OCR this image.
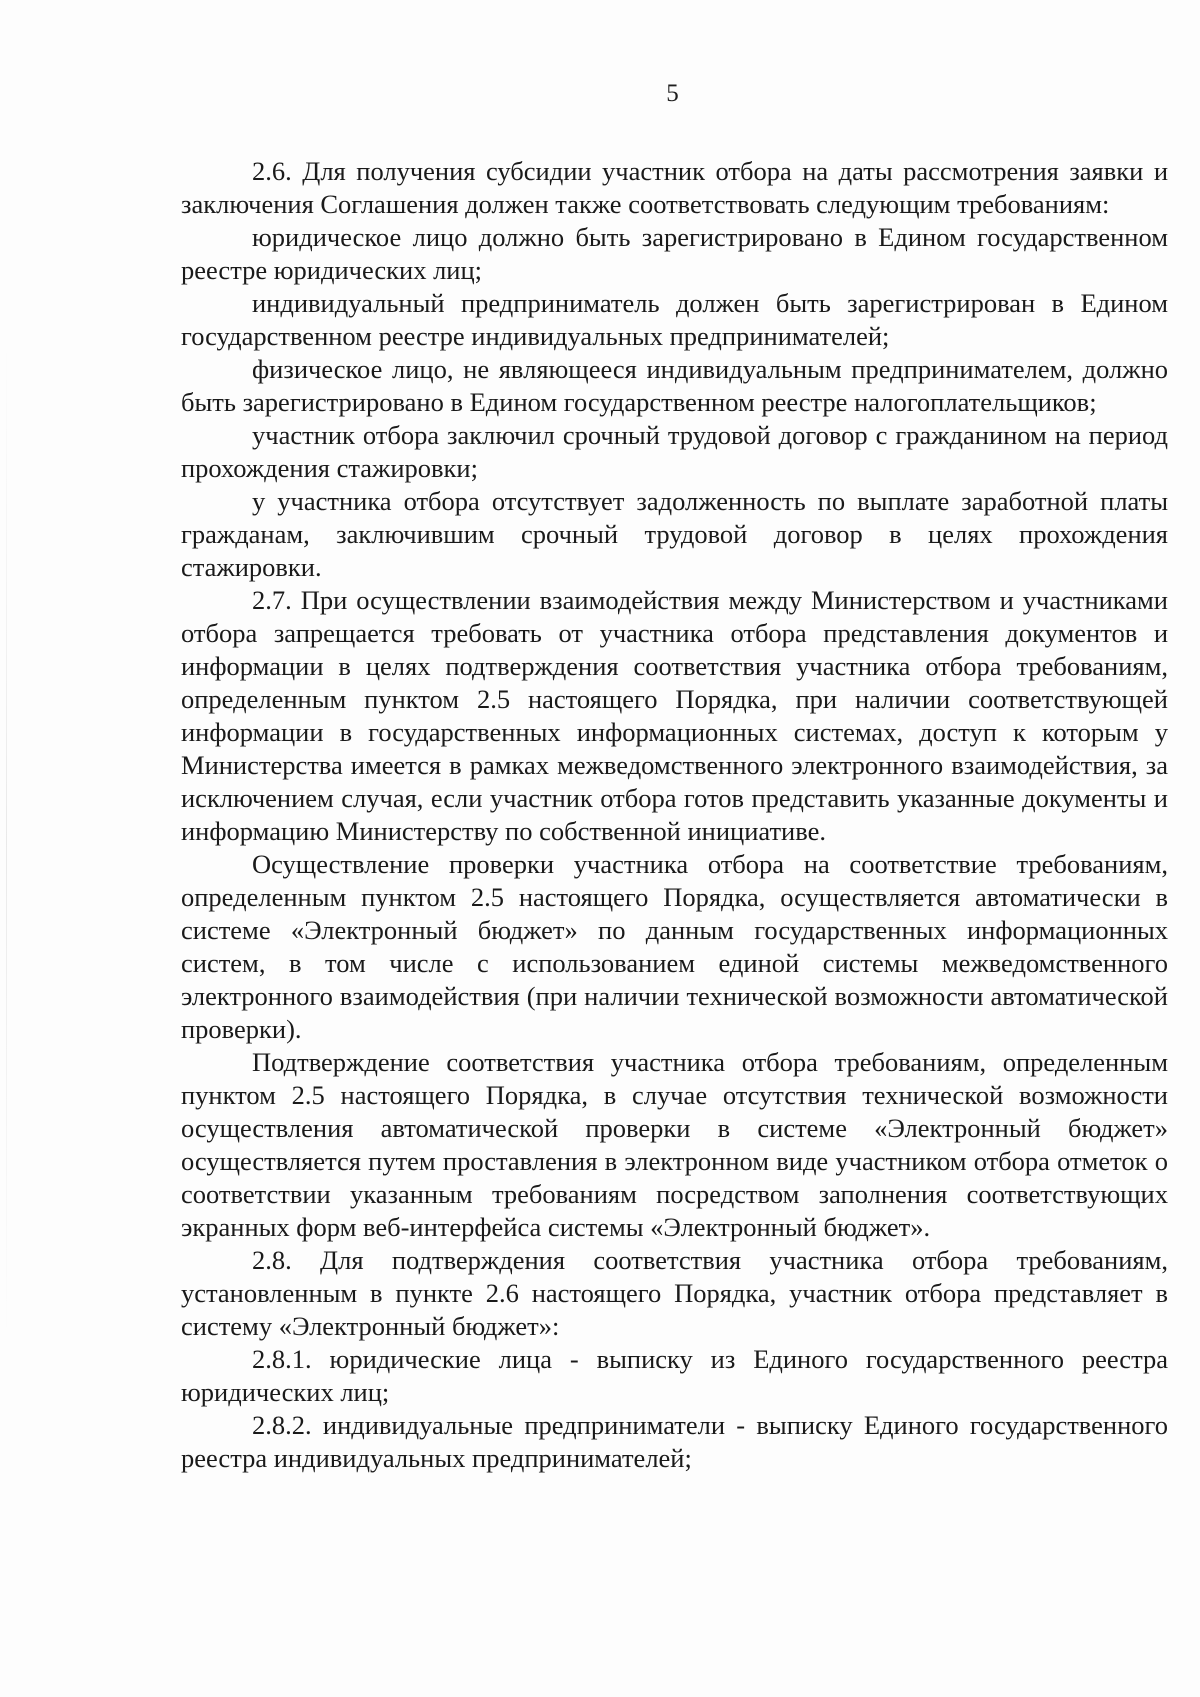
5

2.6. Для получения субсидии участник отбора на даты рассмотрения заявки и заключения Соглашения должен также соответствовать следующим требованиям:

юридическое лицо должно быть зарегистрировано в Едином государственном реестре юридических лиц;

индивидуальный предприниматель должен быть зарегистрирован в Едином государственном реестре индивидуальных предпринимателей;

физическое лицо, не являющееся индивидуальным предпринимателем, должно быть зарегистрировано в Едином государственном реестре налогоплательщиков;

участник отбора заключил срочный трудовой договор с гражданином на период прохождения стажировки;

у участника отбора отсутствует задолженность по выплате заработной платы гражданам, заключившим срочный трудовой договор в целях прохождения стажировки.

2.7. При осуществлении взаимодействия между Министерством и участниками отбора запрещается требовать от участника отбора представления документов и информации в целях подтверждения соответствия участника отбора требованиям, определенным пунктом 2.5 настоящего Порядка, при наличии соответствующей информации в государственных информационных системах, доступ к которым у Министерства имеется в рамках межведомственного электронного взаимодействия, за исключением случая, если участник отбора готов представить указанные документы и информацию Министерству по собственной инициативе.

Осуществление проверки участника отбора на соответствие требованиям, определенным пунктом 2.5 настоящего Порядка, осуществляется автоматически в системе «Электронный бюджет» по данным государственных информационных систем, в том числе с использованием единой системы межведомственного электронного взаимодействия (при наличии технической возможности автоматической проверки).

Подтверждение соответствия участника отбора требованиям, определенным пунктом 2.5 настоящего Порядка, в случае отсутствия технической возможности осуществления автоматической проверки в системе «Электронный бюджет» осуществляется путем проставления в электронном виде участником отбора отметок о соответствии указанным требованиям посредством заполнения соответствующих экранных форм веб-интерфейса системы «Электронный бюджет».

2.8. Для подтверждения соответствия участника отбора требованиям, установленным в пункте 2.6 настоящего Порядка, участник отбора представляет в систему «Электронный бюджет»:

2.8.1. юридические лица - выписку из Единого государственного реестра юридических лиц;

2.8.2. индивидуальные предприниматели - выписку Единого государственного реестра индивидуальных предпринимателей;
